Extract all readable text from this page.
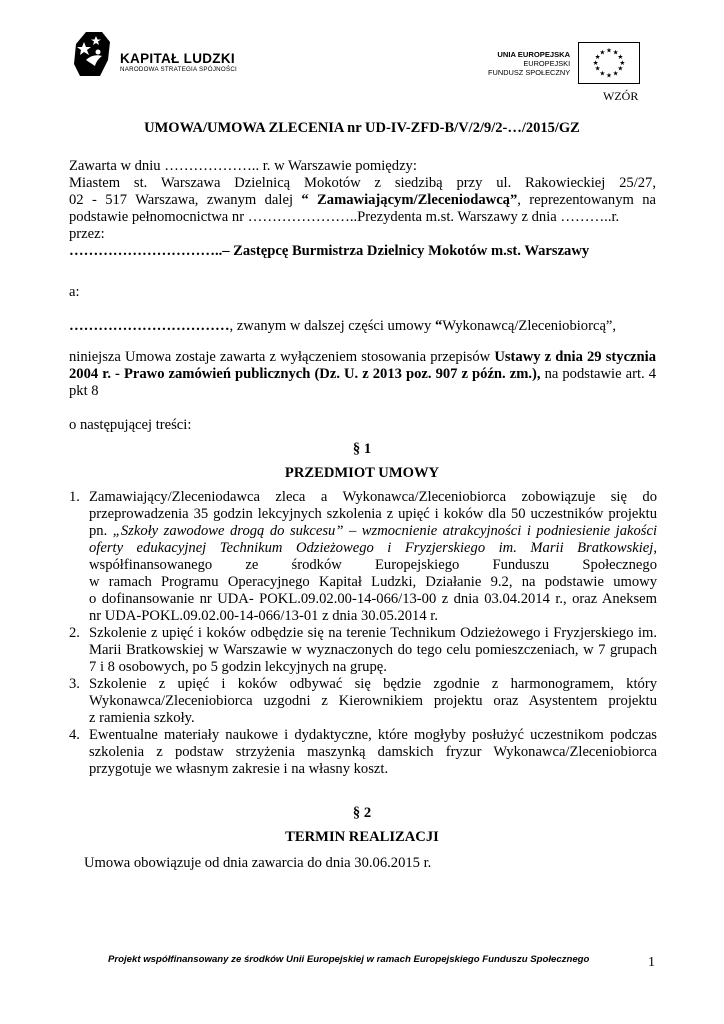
KAPITAŁ LUDZKI
NARODOWA STRATEGIA SPÓJNOŚCI
UNIA EUROPEJSKA
EUROPEJSKI
FUNDUSZ SPOŁECZNY
★ ★
★
★
★
★
★
★
★
★
★
★
WZÓR
UMOWA/UMOWA ZLECENIA nr UD-IV-ZFD-B/V/2/9/2-…/2015/GZ
Zawarta w dniu ……………….. r. w Warszawie pomiędzy:
Miastem st. Warszawa Dzielnicą Mokotów z siedzibą przy ul. Rakowieckiej 25/27,
02 - 517 Warszawa, zwanym dalej “ Zamawiającym/Zleceniodawcą”, reprezentowanym na
podstawie pełnomocnictwa nr …………………..Prezydenta m.st. Warszawy z dnia ………..r.
przez:
…………………………..– Zastępcę Burmistrza Dzielnicy Mokotów m.st. Warszawy
a:
……………………………, zwanym w dalszej części umowy “Wykonawcą/Zleceniobiorcą”,
niniejsza Umowa zostaje zawarta z wyłączeniem stosowania przepisów Ustawy z dnia 29 stycznia
2004 r. - Prawo zamówień publicznych (Dz. U. z 2013 poz. 907 z późn. zm.), na podstawie art. 4
pkt 8
o następującej treści:
§ 1
PRZEDMIOT UMOWY
1. Zamawiający/Zleceniodawca zleca a Wykonawca/Zleceniobiorca zobowiązuje się do
przeprowadzenia 35 godzin lekcyjnych szkolenia z upięć i koków dla 50 uczestników projektu
pn. „Szkoły zawodowe drogą do sukcesu” – wzmocnienie atrakcyjności i podniesienie jakości
oferty edukacyjnej Technikum Odzieżowego i Fryzjerskiego im. Marii Bratkowskiej,
współfinansowanego ze środków Europejskiego Funduszu Społecznego
w ramach Programu Operacyjnego Kapitał Ludzki, Działanie 9.2, na podstawie umowy
o dofinansowanie nr UDA- POKL.09.02.00-14-066/13-00 z dnia 03.04.2014 r., oraz Aneksem
nr UDA-POKL.09.02.00-14-066/13-01 z dnia 30.05.2014 r.
2. Szkolenie z upięć i koków odbędzie się na terenie Technikum Odzieżowego i Fryzjerskiego im.
Marii Bratkowskiej w Warszawie w wyznaczonych do tego celu pomieszczeniach, w 7 grupach
7 i 8 osobowych, po 5 godzin lekcyjnych na grupę.
3. Szkolenie z upięć i koków odbywać się będzie zgodnie z harmonogramem, który
Wykonawca/Zleceniobiorca uzgodni z Kierownikiem projektu oraz Asystentem projektu
z ramienia szkoły.
4. Ewentualne materiały naukowe i dydaktyczne, które mogłyby posłużyć uczestnikom podczas
szkolenia z podstaw strzyżenia maszynką damskich fryzur Wykonawca/Zleceniobiorca
przygotuje we własnym zakresie i na własny koszt.
§ 2
TERMIN REALIZACJI
Umowa obowiązuje od dnia zawarcia do dnia 30.06.2015 r.
Projekt współfinansowany ze środków Unii Europejskiej w ramach Europejskiego Funduszu Społecznego	1
